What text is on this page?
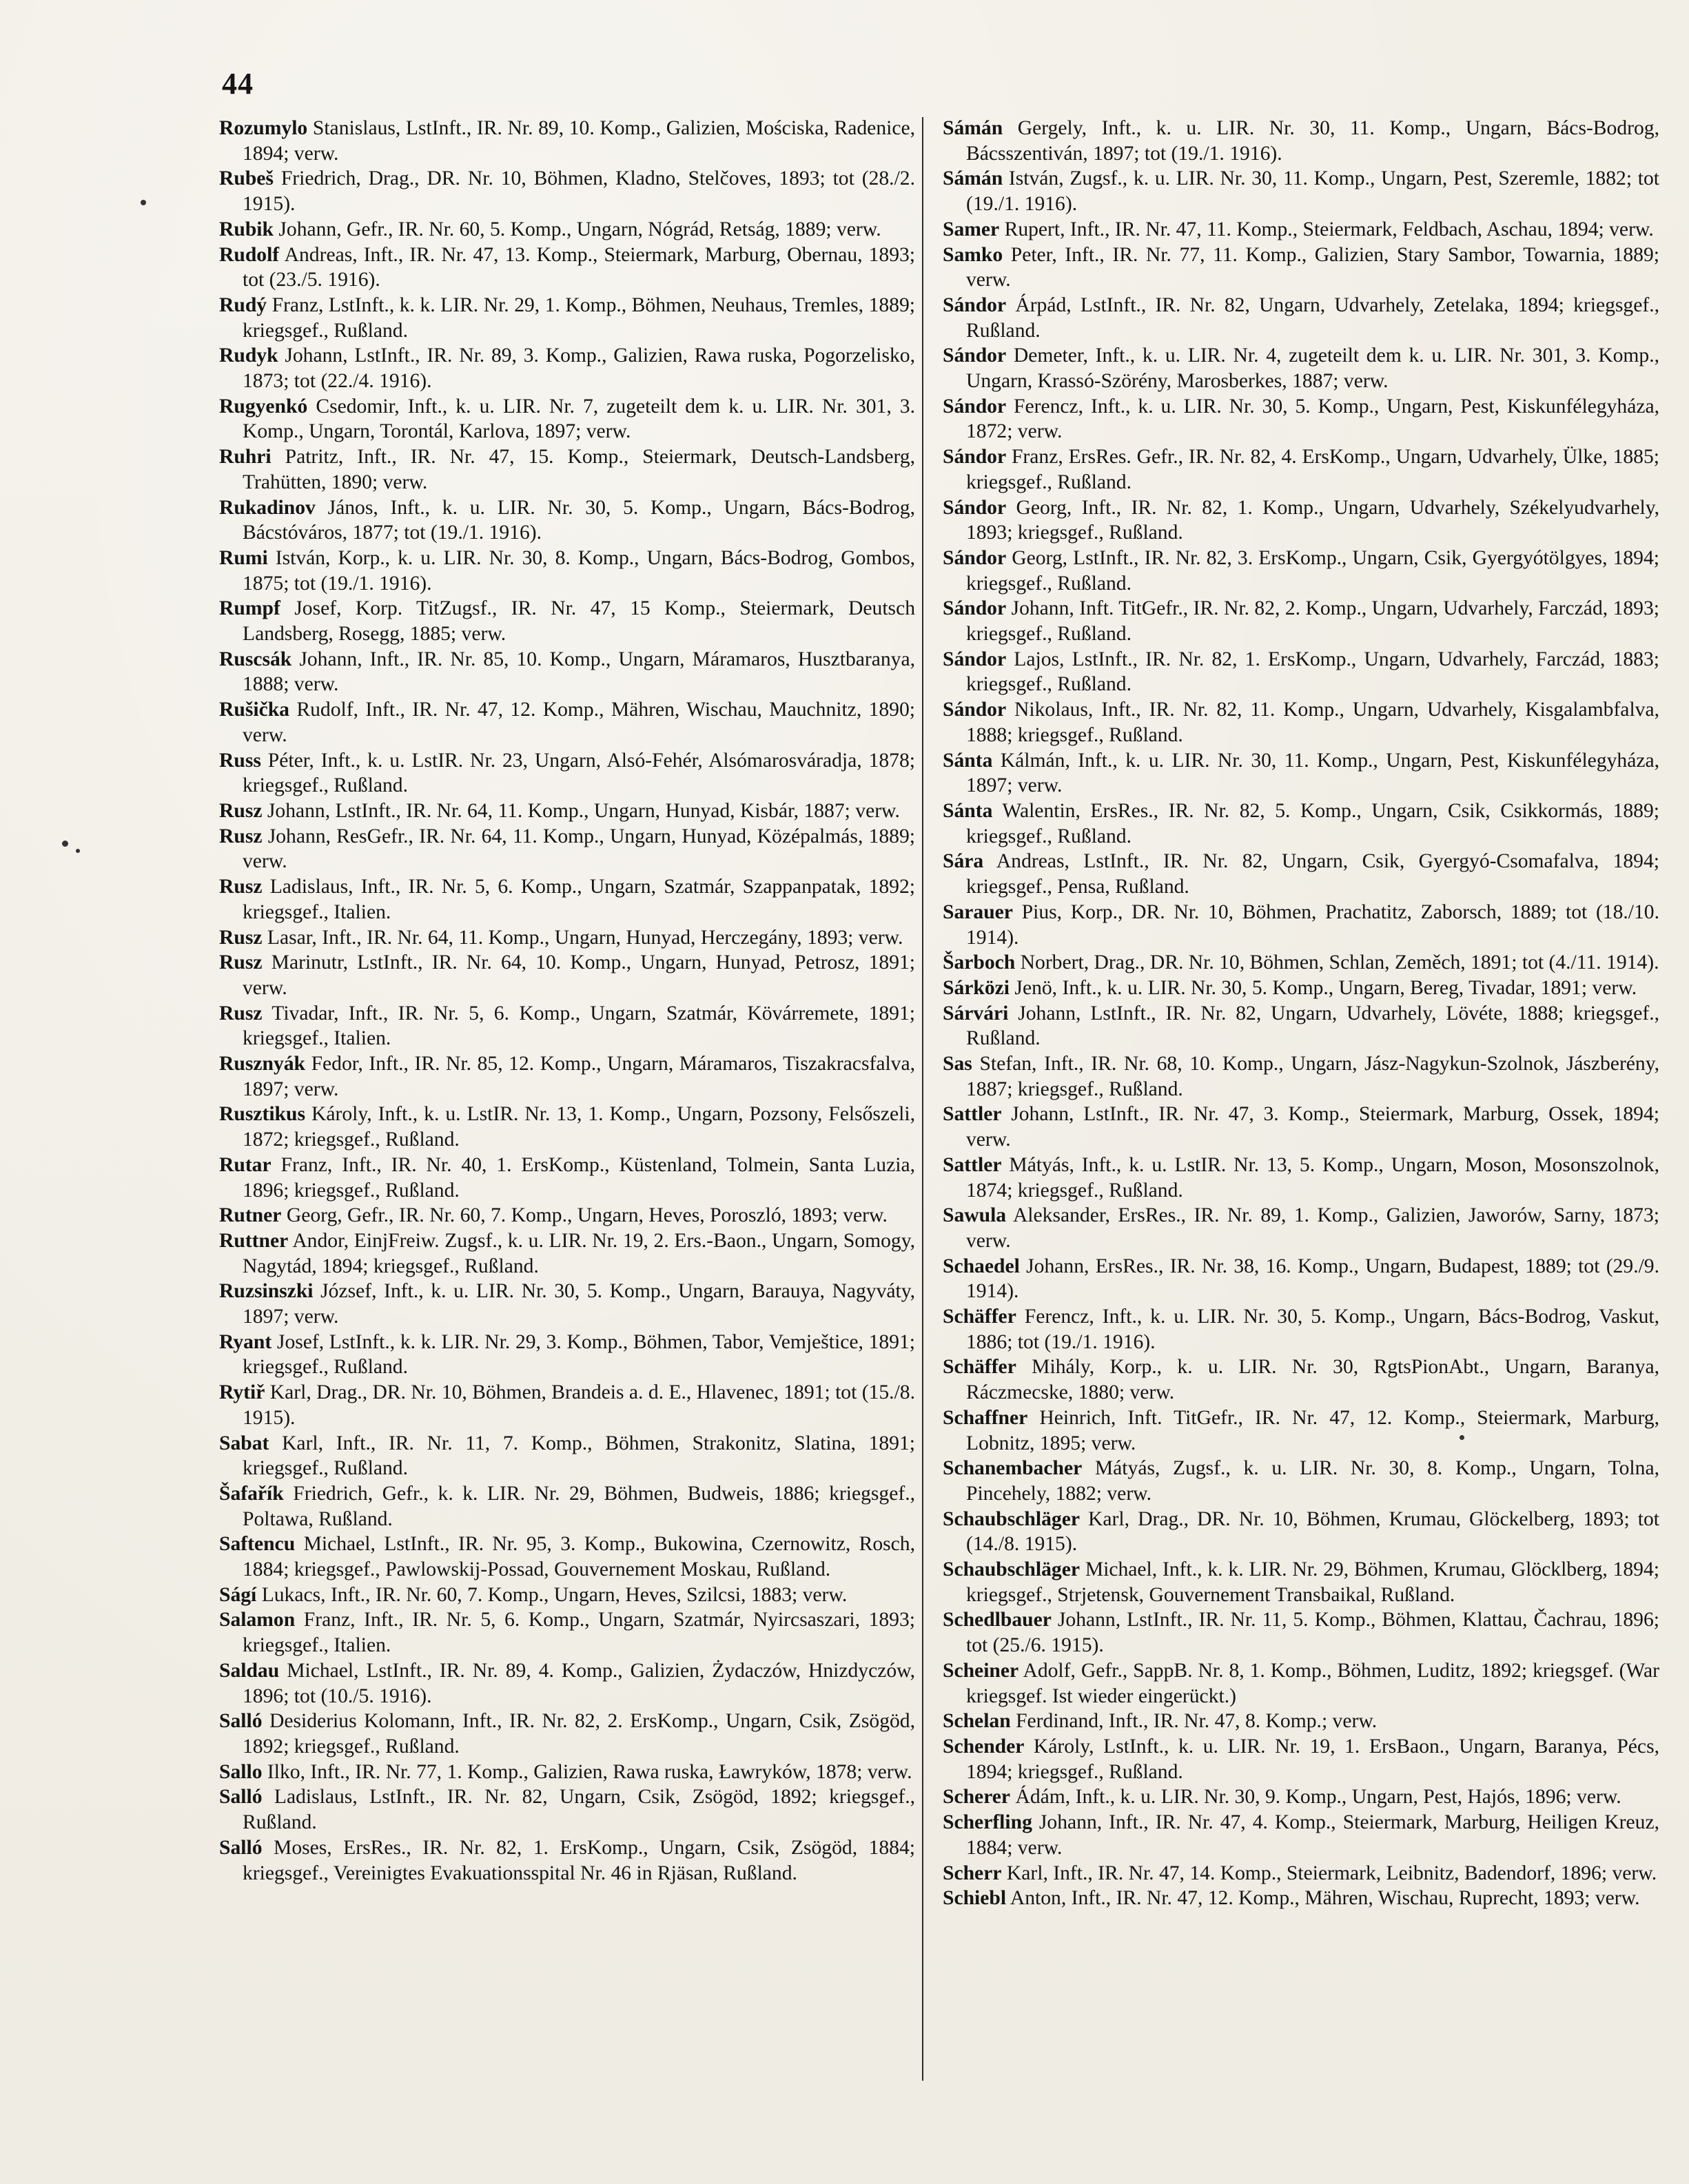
44

Rozumylo Stanislaus, LstInft., IR. Nr. 89, 10. Komp., Galizien, Mościska, Radenice, 1894; verw.

Rubeš Friedrich, Drag., DR. Nr. 10, Böhmen, Kladno, Stelčoves, 1893; tot (28./2. 1915).

Rubik Johann, Gefr., IR. Nr. 60, 5. Komp., Ungarn, Nógrád, Retság, 1889; verw.

Rudolf Andreas, Inft., IR. Nr. 47, 13. Komp., Steiermark, Marburg, Obernau, 1893; tot (23./5. 1916).

Rudý Franz, LstInft., k. k. LIR. Nr. 29, 1. Komp., Böhmen, Neuhaus, Tremles, 1889; kriegsgef., Rußland.

Rudyk Johann, LstInft., IR. Nr. 89, 3. Komp., Galizien, Rawa ruska, Pogorzelisko, 1873; tot (22./4. 1916).

Rugyenkó Csedomir, Inft., k. u. LIR. Nr. 7, zugeteilt dem k. u. LIR. Nr. 301, 3. Komp., Ungarn, Torontál, Karlova, 1897; verw.

Ruhri Patritz, Inft., IR. Nr. 47, 15. Komp., Steiermark, Deutsch-Landsberg, Trahütten, 1890; verw.

Rukadinov János, Inft., k. u. LIR. Nr. 30, 5. Komp., Ungarn, Bács-Bodrog, Bácstóváros, 1877; tot (19./1. 1916).

Rumi István, Korp., k. u. LIR. Nr. 30, 8. Komp., Ungarn, Bács-Bodrog, Gombos, 1875; tot (19./1. 1916).

Rumpf Josef, Korp. TitZugsf., IR. Nr. 47, 15 Komp., Steiermark, Deutsch Landsberg, Rosegg, 1885; verw.

Ruscsák Johann, Inft., IR. Nr. 85, 10. Komp., Ungarn, Máramaros, Husztbaranya, 1888; verw.

Rušička Rudolf, Inft., IR. Nr. 47, 12. Komp., Mähren, Wischau, Mauchnitz, 1890; verw.

Russ Péter, Inft., k. u. LstIR. Nr. 23, Ungarn, Alsó-Fehér, Alsómarosváradja, 1878; kriegsgef., Rußland.

Rusz Johann, LstInft., IR. Nr. 64, 11. Komp., Ungarn, Hunyad, Kisbár, 1887; verw.

Rusz Johann, ResGefr., IR. Nr. 64, 11. Komp., Ungarn, Hunyad, Középalmás, 1889; verw.

Rusz Ladislaus, Inft., IR. Nr. 5, 6. Komp., Ungarn, Szatmár, Szappanpatak, 1892; kriegsgef., Italien.

Rusz Lasar, Inft., IR. Nr. 64, 11. Komp., Ungarn, Hunyad, Herczegány, 1893; verw.

Rusz Marinutr, LstInft., IR. Nr. 64, 10. Komp., Ungarn, Hunyad, Petrosz, 1891; verw.

Rusz Tivadar, Inft., IR. Nr. 5, 6. Komp., Ungarn, Szatmár, Kövárremete, 1891; kriegsgef., Italien.

Rusznyák Fedor, Inft., IR. Nr. 85, 12. Komp., Ungarn, Máramaros, Tiszakracsfalva, 1897; verw.

Rusztikus Károly, Inft., k. u. LstIR. Nr. 13, 1. Komp., Ungarn, Pozsony, Felsőszeli, 1872; kriegsgef., Rußland.

Rutar Franz, Inft., IR. Nr. 40, 1. ErsKomp., Küstenland, Tolmein, Santa Luzia, 1896; kriegsgef., Rußland.

Rutner Georg, Gefr., IR. Nr. 60, 7. Komp., Ungarn, Heves, Poroszló, 1893; verw.

Ruttner Andor, EinjFreiw. Zugsf., k. u. LIR. Nr. 19, 2. Ers.-Baon., Ungarn, Somogy, Nagytád, 1894; kriegsgef., Rußland.

Ruzsinszki József, Inft., k. u. LIR. Nr. 30, 5. Komp., Ungarn, Barauya, Nagyváty, 1897; verw.

Ryant Josef, LstInft., k. k. LIR. Nr. 29, 3. Komp., Böhmen, Tabor, Vemještice, 1891; kriegsgef., Rußland.

Rytiř Karl, Drag., DR. Nr. 10, Böhmen, Brandeis a. d. E., Hlavenec, 1891; tot (15./8. 1915).

Sabat Karl, Inft., IR. Nr. 11, 7. Komp., Böhmen, Strakonitz, Slatina, 1891; kriegsgef., Rußland.

Šafařík Friedrich, Gefr., k. k. LIR. Nr. 29, Böhmen, Budweis, 1886; kriegsgef., Poltawa, Rußland.

Saftencu Michael, LstInft., IR. Nr. 95, 3. Komp., Bukowina, Czernowitz, Rosch, 1884; kriegsgef., Pawlowskij-Possad, Gouvernement Moskau, Rußland.

Ságí Lukacs, Inft., IR. Nr. 60, 7. Komp., Ungarn, Heves, Szilcsi, 1883; verw.

Salamon Franz, Inft., IR. Nr. 5, 6. Komp., Ungarn, Szatmár, Nyircsaszari, 1893; kriegsgef., Italien.

Saldau Michael, LstInft., IR. Nr. 89, 4. Komp., Galizien, Żydaczów, Hnizdyczów, 1896; tot (10./5. 1916).

Salló Desiderius Kolomann, Inft., IR. Nr. 82, 2. ErsKomp., Ungarn, Csik, Zsögöd, 1892; kriegsgef., Rußland.

Sallo Ilko, Inft., IR. Nr. 77, 1. Komp., Galizien, Rawa ruska, Ławryków, 1878; verw.

Salló Ladislaus, LstInft., IR. Nr. 82, Ungarn, Csik, Zsögöd, 1892; kriegsgef., Rußland.

Salló Moses, ErsRes., IR. Nr. 82, 1. ErsKomp., Ungarn, Csik, Zsögöd, 1884; kriegsgef., Vereinigtes Evakuationsspital Nr. 46 in Rjäsan, Rußland.

Sámán Gergely, Inft., k. u. LIR. Nr. 30, 11. Komp., Ungarn, Bács-Bodrog, Bácsszentiván, 1897; tot (19./1. 1916).

Sámán István, Zugsf., k. u. LIR. Nr. 30, 11. Komp., Ungarn, Pest, Szeremle, 1882; tot (19./1. 1916).

Samer Rupert, Inft., IR. Nr. 47, 11. Komp., Steiermark, Feldbach, Aschau, 1894; verw.

Samko Peter, Inft., IR. Nr. 77, 11. Komp., Galizien, Stary Sambor, Towarnia, 1889; verw.

Sándor Árpád, LstInft., IR. Nr. 82, Ungarn, Udvarhely, Zetelaka, 1894; kriegsgef., Rußland.

Sándor Demeter, Inft., k. u. LIR. Nr. 4, zugeteilt dem k. u. LIR. Nr. 301, 3. Komp., Ungarn, Krassó-Szörény, Marosberkes, 1887; verw.

Sándor Ferencz, Inft., k. u. LIR. Nr. 30, 5. Komp., Ungarn, Pest, Kiskunfélegyháza, 1872; verw.

Sándor Franz, ErsRes. Gefr., IR. Nr. 82, 4. ErsKomp., Ungarn, Udvarhely, Ülke, 1885; kriegsgef., Rußland.

Sándor Georg, Inft., IR. Nr. 82, 1. Komp., Ungarn, Udvarhely, Székelyudvarhely, 1893; kriegsgef., Rußland.

Sándor Georg, LstInft., IR. Nr. 82, 3. ErsKomp., Ungarn, Csik, Gyergyótölgyes, 1894; kriegsgef., Rußland.

Sándor Johann, Inft. TitGefr., IR. Nr. 82, 2. Komp., Ungarn, Udvarhely, Farczád, 1893; kriegsgef., Rußland.

Sándor Lajos, LstInft., IR. Nr. 82, 1. ErsKomp., Ungarn, Udvarhely, Farczád, 1883; kriegsgef., Rußland.

Sándor Nikolaus, Inft., IR. Nr. 82, 11. Komp., Ungarn, Udvarhely, Kisgalambfalva, 1888; kriegsgef., Rußland.

Sánta Kálmán, Inft., k. u. LIR. Nr. 30, 11. Komp., Ungarn, Pest, Kiskunfélegyháza, 1897; verw.

Sánta Walentin, ErsRes., IR. Nr. 82, 5. Komp., Ungarn, Csik, Csikkormás, 1889; kriegsgef., Rußland.

Sára Andreas, LstInft., IR. Nr. 82, Ungarn, Csik, Gyergyó-Csomafalva, 1894; kriegsgef., Pensa, Rußland.

Sarauer Pius, Korp., DR. Nr. 10, Böhmen, Prachatitz, Zaborsch, 1889; tot (18./10. 1914).

Šarboch Norbert, Drag., DR. Nr. 10, Böhmen, Schlan, Zeměch, 1891; tot (4./11. 1914).

Sárközi Jenö, Inft., k. u. LIR. Nr. 30, 5. Komp., Ungarn, Bereg, Tivadar, 1891; verw.

Sárvári Johann, LstInft., IR. Nr. 82, Ungarn, Udvarhely, Lövéte, 1888; kriegsgef., Rußland.

Sas Stefan, Inft., IR. Nr. 68, 10. Komp., Ungarn, Jász-Nagykun-Szolnok, Jászberény, 1887; kriegsgef., Rußland.

Sattler Johann, LstInft., IR. Nr. 47, 3. Komp., Steiermark, Marburg, Ossek, 1894; verw.

Sattler Mátyás, Inft., k. u. LstIR. Nr. 13, 5. Komp., Ungarn, Moson, Mosonszolnok, 1874; kriegsgef., Rußland.

Sawula Aleksander, ErsRes., IR. Nr. 89, 1. Komp., Galizien, Jaworów, Sarny, 1873; verw.

Schaedel Johann, ErsRes., IR. Nr. 38, 16. Komp., Ungarn, Budapest, 1889; tot (29./9. 1914).

Schäffer Ferencz, Inft., k. u. LIR. Nr. 30, 5. Komp., Ungarn, Bács-Bodrog, Vaskut, 1886; tot (19./1. 1916).

Schäffer Mihály, Korp., k. u. LIR. Nr. 30, RgtsPionAbt., Ungarn, Baranya, Ráczmecske, 1880; verw.

Schaffner Heinrich, Inft. TitGefr., IR. Nr. 47, 12. Komp., Steiermark, Marburg, Lobnitz, 1895; verw.

Schanembacher Mátyás, Zugsf., k. u. LIR. Nr. 30, 8. Komp., Ungarn, Tolna, Pincehely, 1882; verw.

Schaubschläger Karl, Drag., DR. Nr. 10, Böhmen, Krumau, Glöckelberg, 1893; tot (14./8. 1915).

Schaubschläger Michael, Inft., k. k. LIR. Nr. 29, Böhmen, Krumau, Glöcklberg, 1894; kriegsgef., Strjetensk, Gouvernement Transbaikal, Rußland.

Schedlbauer Johann, LstInft., IR. Nr. 11, 5. Komp., Böhmen, Klattau, Čachrau, 1896; tot (25./6. 1915).

Scheiner Adolf, Gefr., SappB. Nr. 8, 1. Komp., Böhmen, Luditz, 1892; kriegsgef. (War kriegsgef. Ist wieder eingerückt.)

Schelan Ferdinand, Inft., IR. Nr. 47, 8. Komp.; verw.

Schender Károly, LstInft., k. u. LIR. Nr. 19, 1. ErsBaon., Ungarn, Baranya, Pécs, 1894; kriegsgef., Rußland.

Scherer Ádám, Inft., k. u. LIR. Nr. 30, 9. Komp., Ungarn, Pest, Hajós, 1896; verw.

Scherfling Johann, Inft., IR. Nr. 47, 4. Komp., Steiermark, Marburg, Heiligen Kreuz, 1884; verw.

Scherr Karl, Inft., IR. Nr. 47, 14. Komp., Steiermark, Leibnitz, Badendorf, 1896; verw.

Schiebl Anton, Inft., IR. Nr. 47, 12. Komp., Mähren, Wischau, Ruprecht, 1893; verw.
